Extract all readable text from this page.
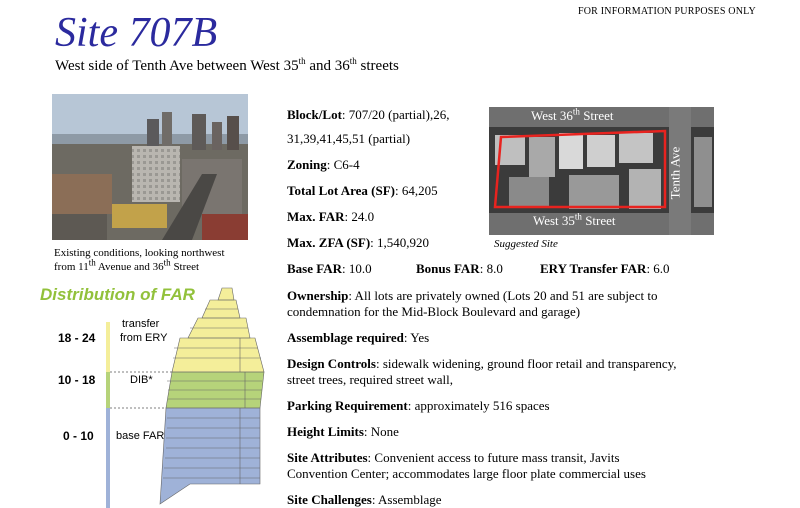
FOR INFORMATION PURPOSES ONLY
Site 707B
West side of Tenth Ave between West 35th and 36th streets
Existing conditions, looking northwest
from 11th Avenue and 36th Street
Distribution of FAR
18 - 24
transfer
from ERY
10 - 18	DIB*
0 - 10 base FAR
West 36th Street
West 35th Street
Tenth Ave
Suggested Site
Block/Lot: 707/20 (partial),26,
31,39,41,45,51 (partial)
Zoning: C6-4
Total Lot Area (SF): 64,205
Max. FAR: 24.0
Max. ZFA (SF): 1,540,920
Base FAR: 10.0	Bonus FAR: 8.0	ERY Transfer FAR: 6.0
Ownership: All lots are privately owned (Lots 20 and 51 are subject to
condemnation for the Mid-Block Boulevard and garage)
Assemblage required: Yes
Design Controls: sidewalk widening, ground floor retail and transparency,
street trees, required street wall,
Parking Requirement: approximately 516 spaces
Height Limits: None
Site Attributes: Convenient access to future mass transit, Javits
Convention Center; accommodates large floor plate commercial uses
Site Challenges: Assemblage
